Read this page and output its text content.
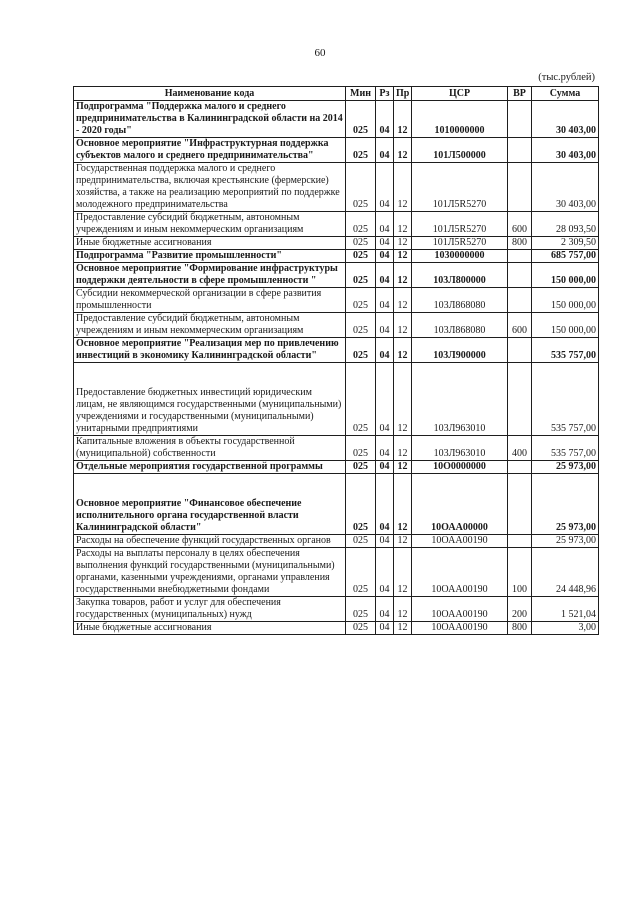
60
(тыс.рублей)
Наименование кода	Мин	Рз	Пр	ЦСР	ВР	Сумма
Подпрограмма "Поддержка малого и среднего предпринимательства в Калининградской области на 2014 - 2020 годы"	025	04	12	1010000000		30 403,00
Основное мероприятие "Инфраструктурная поддержка субъектов малого и среднего предпринимательства"	025	04	12	101Л500000		30 403,00
Государственная поддержка малого и среднего предпринимательства, включая крестьянские (фермерские) хозяйства, а также на реализацию мероприятий по поддержке молодежного предпринимательства	025	04	12	101Л5R5270		30 403,00
Предоставление субсидий бюджетным, автономным учреждениям и иным некоммерческим организациям	025	04	12	101Л5R5270	600	28 093,50
Иные бюджетные ассигнования	025	04	12	101Л5R5270	800	2 309,50
Подпрограмма "Развитие промышленности"	025	04	12	1030000000		685 757,00
Основное мероприятие "Формирование инфраструктуры поддержки деятельности в сфере промышленности "	025	04	12	103Л800000		150 000,00
Субсидии некоммерческой организации в сфере развития промышленности	025	04	12	103Л868080		150 000,00
Предоставление субсидий бюджетным, автономным учреждениям и иным некоммерческим организациям	025	04	12	103Л868080	600	150 000,00
Основное мероприятие "Реализация мер по привлечению инвестиций в экономику Калининградской области"	025	04	12	103Л900000		535 757,00

Предоставление бюджетных инвестиций юридическим лицам, не являющимся государственными (муниципальными) учреждениями и государственными (муниципальными) унитарными предприятиями	025	04	12	103Л963010		535 757,00
Капитальные вложения в объекты государственной (муниципальной) собственности	025	04	12	103Л963010	400	535 757,00
Отдельные мероприятия государственной программы	025	04	12	10О0000000		25 973,00

Основное мероприятие "Финансовое обеспечение исполнительного органа государственной власти Калининградской области"	025	04	12	10ОАА00000		25 973,00
Расходы на обеспечение функций государственных органов	025	04	12	10ОАА00190		25 973,00
Расходы на выплаты персоналу в целях обеспечения выполнения функций государственными (муниципальными) органами, казенными учреждениями, органами управления государственными внебюджетными фондами	025	04	12	10ОАА00190	100	24 448,96
Закупка товаров, работ и услуг для обеспечения государственных (муниципальных) нужд	025	04	12	10ОАА00190	200	1 521,04
Иные бюджетные ассигнования	025	04	12	10ОАА00190	800	3,00
